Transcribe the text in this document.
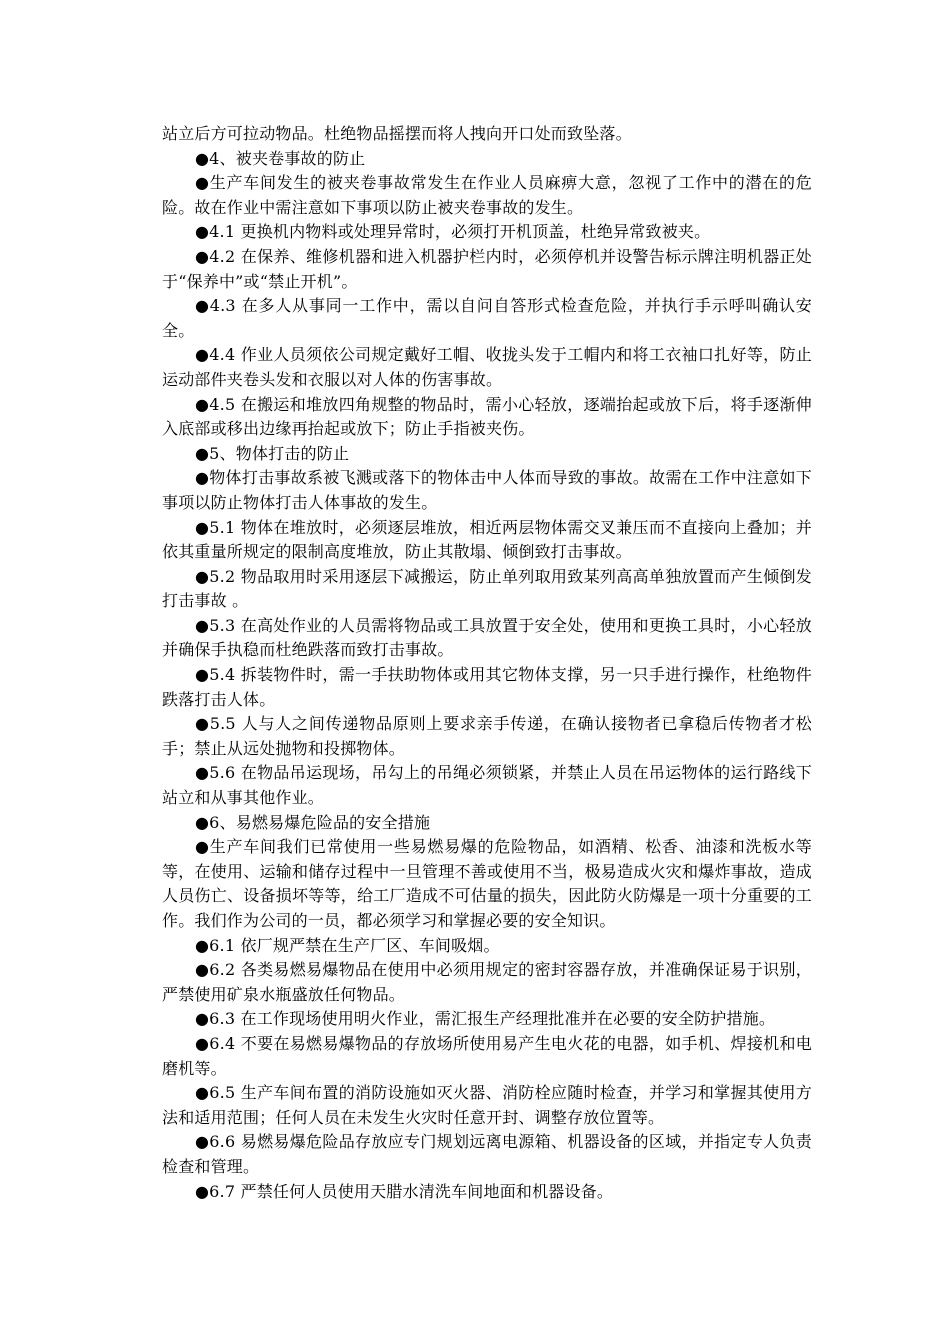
站立后方可拉动物品。杜绝物品摇摆而将人拽向开口处而致坠落。

●4、被夹卷事故的防止

●生产车间发生的被夹卷事故常发生在作业人员麻痹大意，忽视了工作中的潜在的危险。故在作业中需注意如下事项以防止被夹卷事故的发生。

●4.1 更换机内物料或处理异常时，必须打开机顶盖，杜绝异常致被夹。

●4.2 在保养、维修机器和进入机器护栏内时，必须停机并设警告标示牌注明机器正处于“保养中”或“禁止开机”。

●4.3 在多人从事同一工作中，需以自问自答形式检查危险，并执行手示呼叫确认安全。

●4.4 作业人员须依公司规定戴好工帽、收拢头发于工帽内和将工衣袖口扎好等，防止运动部件夹卷头发和衣服以对人体的伤害事故。

●4.5 在搬运和堆放四角规整的物品时，需小心轻放，逐端抬起或放下后，将手逐渐伸入底部或移出边缘再抬起或放下；防止手指被夹伤。

●5、物体打击的防止

●物体打击事故系被飞溅或落下的物体击中人体而导致的事故。故需在工作中注意如下事项以防止物体打击人体事故的发生。

●5.1 物体在堆放时，必须逐层堆放，相近两层物体需交叉兼压而不直接向上叠加；并依其重量所规定的限制高度堆放，防止其散塌、倾倒致打击事故。

●5.2 物品取用时采用逐层下减搬运，防止单列取用致某列高高单独放置而产生倾倒发打击事故 。

●5.3 在高处作业的人员需将物品或工具放置于安全处，使用和更换工具时，小心轻放并确保手执稳而杜绝跌落而致打击事故。

●5.4 拆装物件时，需一手扶助物体或用其它物体支撑，另一只手进行操作，杜绝物件跌落打击人体。

●5.5 人与人之间传递物品原则上要求亲手传递，在确认接物者已拿稳后传物者才松手；禁止从远处抛物和投掷物体。

●5.6 在物品吊运现场，吊勾上的吊绳必须锁紧，并禁止人员在吊运物体的运行路线下站立和从事其他作业。

●6、易燃易爆危险品的安全措施

●生产车间我们已常使用一些易燃易爆的危险物品，如酒精、松香、油漆和洗板水等等，在使用、运输和储存过程中一旦管理不善或使用不当，极易造成火灾和爆炸事故，造成人员伤亡、设备损坏等等，给工厂造成不可估量的损失，因此防火防爆是一项十分重要的工作。我们作为公司的一员，都必须学习和掌握必要的安全知识。

●6.1 依厂规严禁在生产厂区、车间吸烟。

●6.2 各类易燃易爆物品在使用中必须用规定的密封容器存放，并准确保证易于识别，严禁使用矿泉水瓶盛放任何物品。

●6.3 在工作现场使用明火作业，需汇报生产经理批准并在必要的安全防护措施。

●6.4 不要在易燃易爆物品的存放场所使用易产生电火花的电器，如手机、焊接机和电磨机等。

●6.5 生产车间布置的消防设施如灭火器、消防栓应随时检查，并学习和掌握其使用方法和适用范围；任何人员在未发生火灾时任意开封、调整存放位置等。

●6.6 易燃易爆危险品存放应专门规划远离电源箱、机器设备的区域，并指定专人负责检查和管理。

●6.7 严禁任何人员使用天腊水清洗车间地面和机器设备。
